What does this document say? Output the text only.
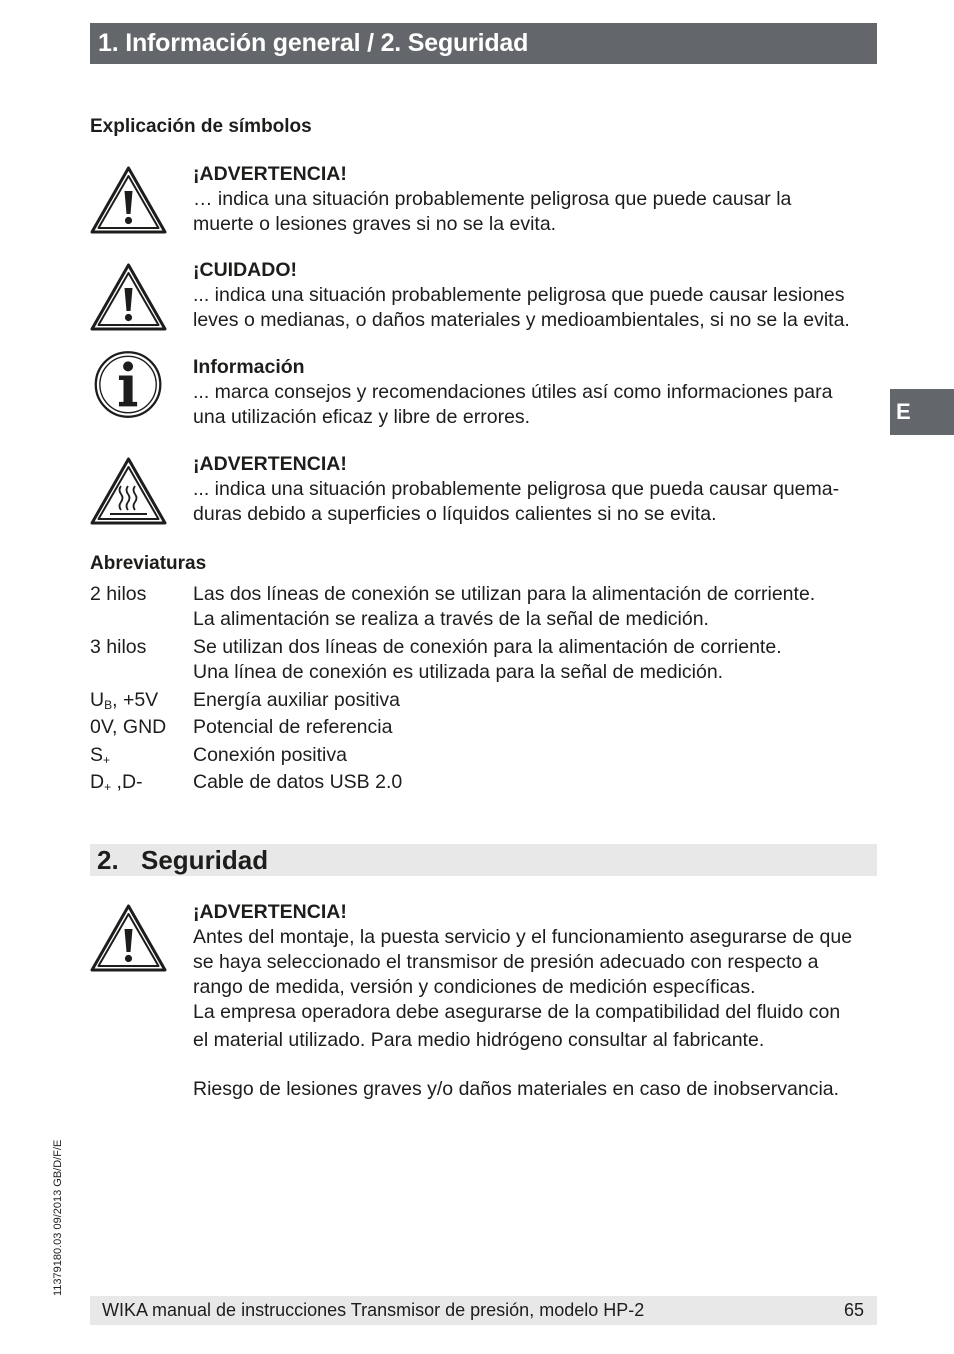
1. Información general / 2. Seguridad
E
Explicación de símbolos
¡ADVERTENCIA!
… indica una situación probablemente peligrosa que puede causar la
muerte o lesiones graves si no se la evita.
¡CUIDADO!
... indica una situación probablemente peligrosa que puede causar lesiones
leves o medianas, o daños materiales y medioambientales, si no se la evita.
Información
... marca consejos y recomendaciones útiles así como informaciones para
una utilización eficaz y libre de errores.
¡ADVERTENCIA!
... indica una situación probablemente peligrosa que pueda causar quema-
duras debido a superficies o líquidos calientes si no se evita.
Abreviaturas
2 hilos	Las dos líneas de conexión se utilizan para la alimentación de corriente.
La alimentación se realiza a través de la señal de medición.
3 hilos	Se utilizan dos líneas de conexión para la alimentación de corriente.
Una línea de conexión es utilizada para la señal de medición.
$U_B$, +5V	Energía auxiliar positiva
0V, GND	Potencial de referencia
$S_+$	Conexión positiva
$D_+$ ,D-	Cable de datos USB 2.0
2. Seguridad
¡ADVERTENCIA!
Antes del montaje, la puesta servicio y el funcionamiento asegurarse de que
se haya seleccionado el transmisor de presión adecuado con respecto a
rango de medida, versión y condiciones de medición específicas.
La empresa operadora debe asegurarse de la compatibilidad del fluido con
el material utilizado. Para medio hidrógeno consultar al fabricante.
Riesgo de lesiones graves y/o daños materiales en caso de inobservancia.
11379180.03 09/2013 GB/D/F/E
WIKA manual de instrucciones Transmisor de presión, modelo HP-2	65
